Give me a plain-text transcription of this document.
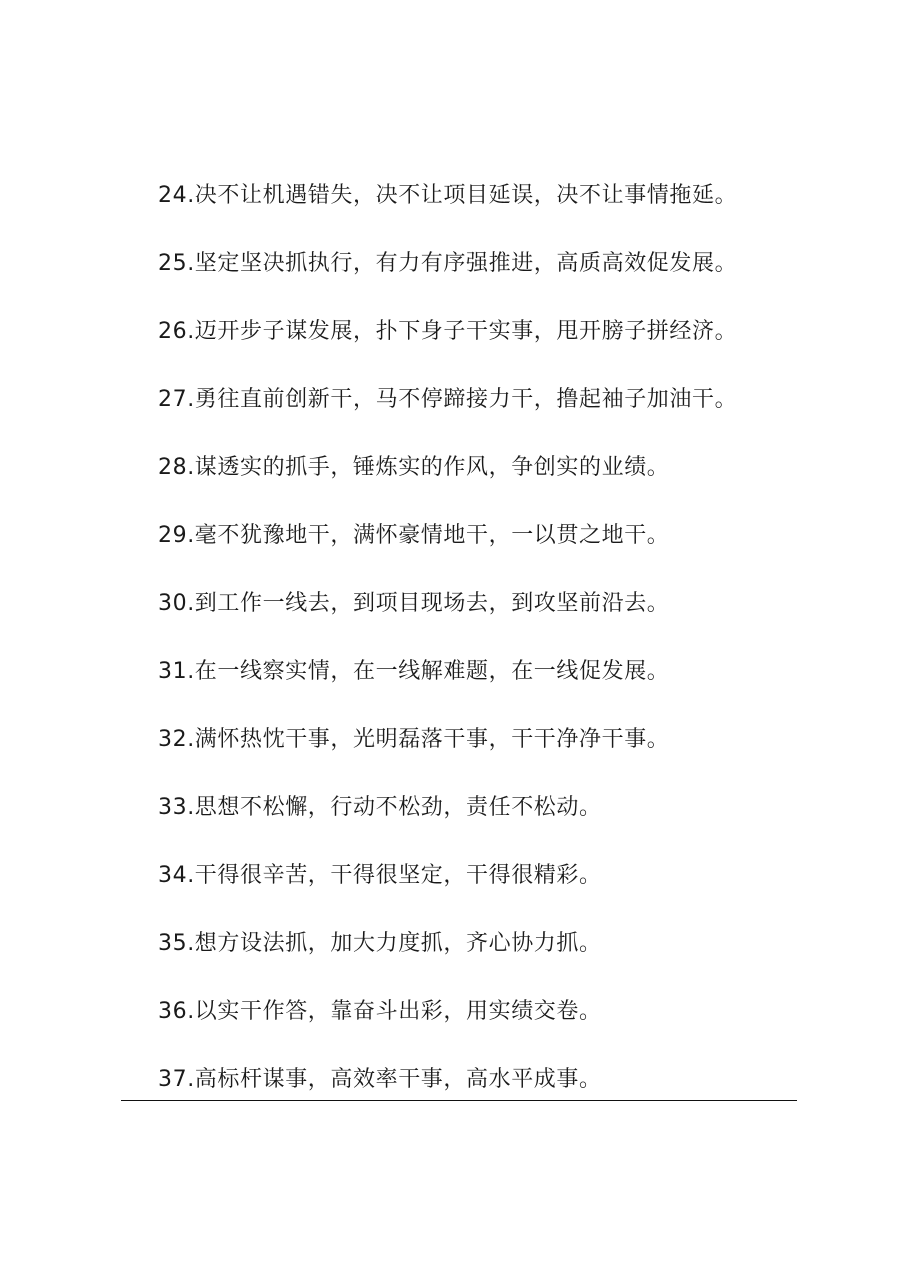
24.决不让机遇错失，决不让项目延误，决不让事情拖延。
25.坚定坚决抓执行，有力有序强推进，高质高效促发展。
26.迈开步子谋发展，扑下身子干实事，甩开膀子拼经济。
27.勇往直前创新干，马不停蹄接力干，撸起袖子加油干。
28.谋透实的抓手，锤炼实的作风，争创实的业绩。
29.毫不犹豫地干，满怀豪情地干，一以贯之地干。
30.到工作一线去，到项目现场去，到攻坚前沿去。
31.在一线察实情，在一线解难题，在一线促发展。
32.满怀热忱干事，光明磊落干事，干干净净干事。
33.思想不松懈，行动不松劲，责任不松动。
34.干得很辛苦，干得很坚定，干得很精彩。
35.想方设法抓，加大力度抓，齐心协力抓。
36.以实干作答，靠奋斗出彩，用实绩交卷。
37.高标杆谋事，高效率干事，高水平成事。
